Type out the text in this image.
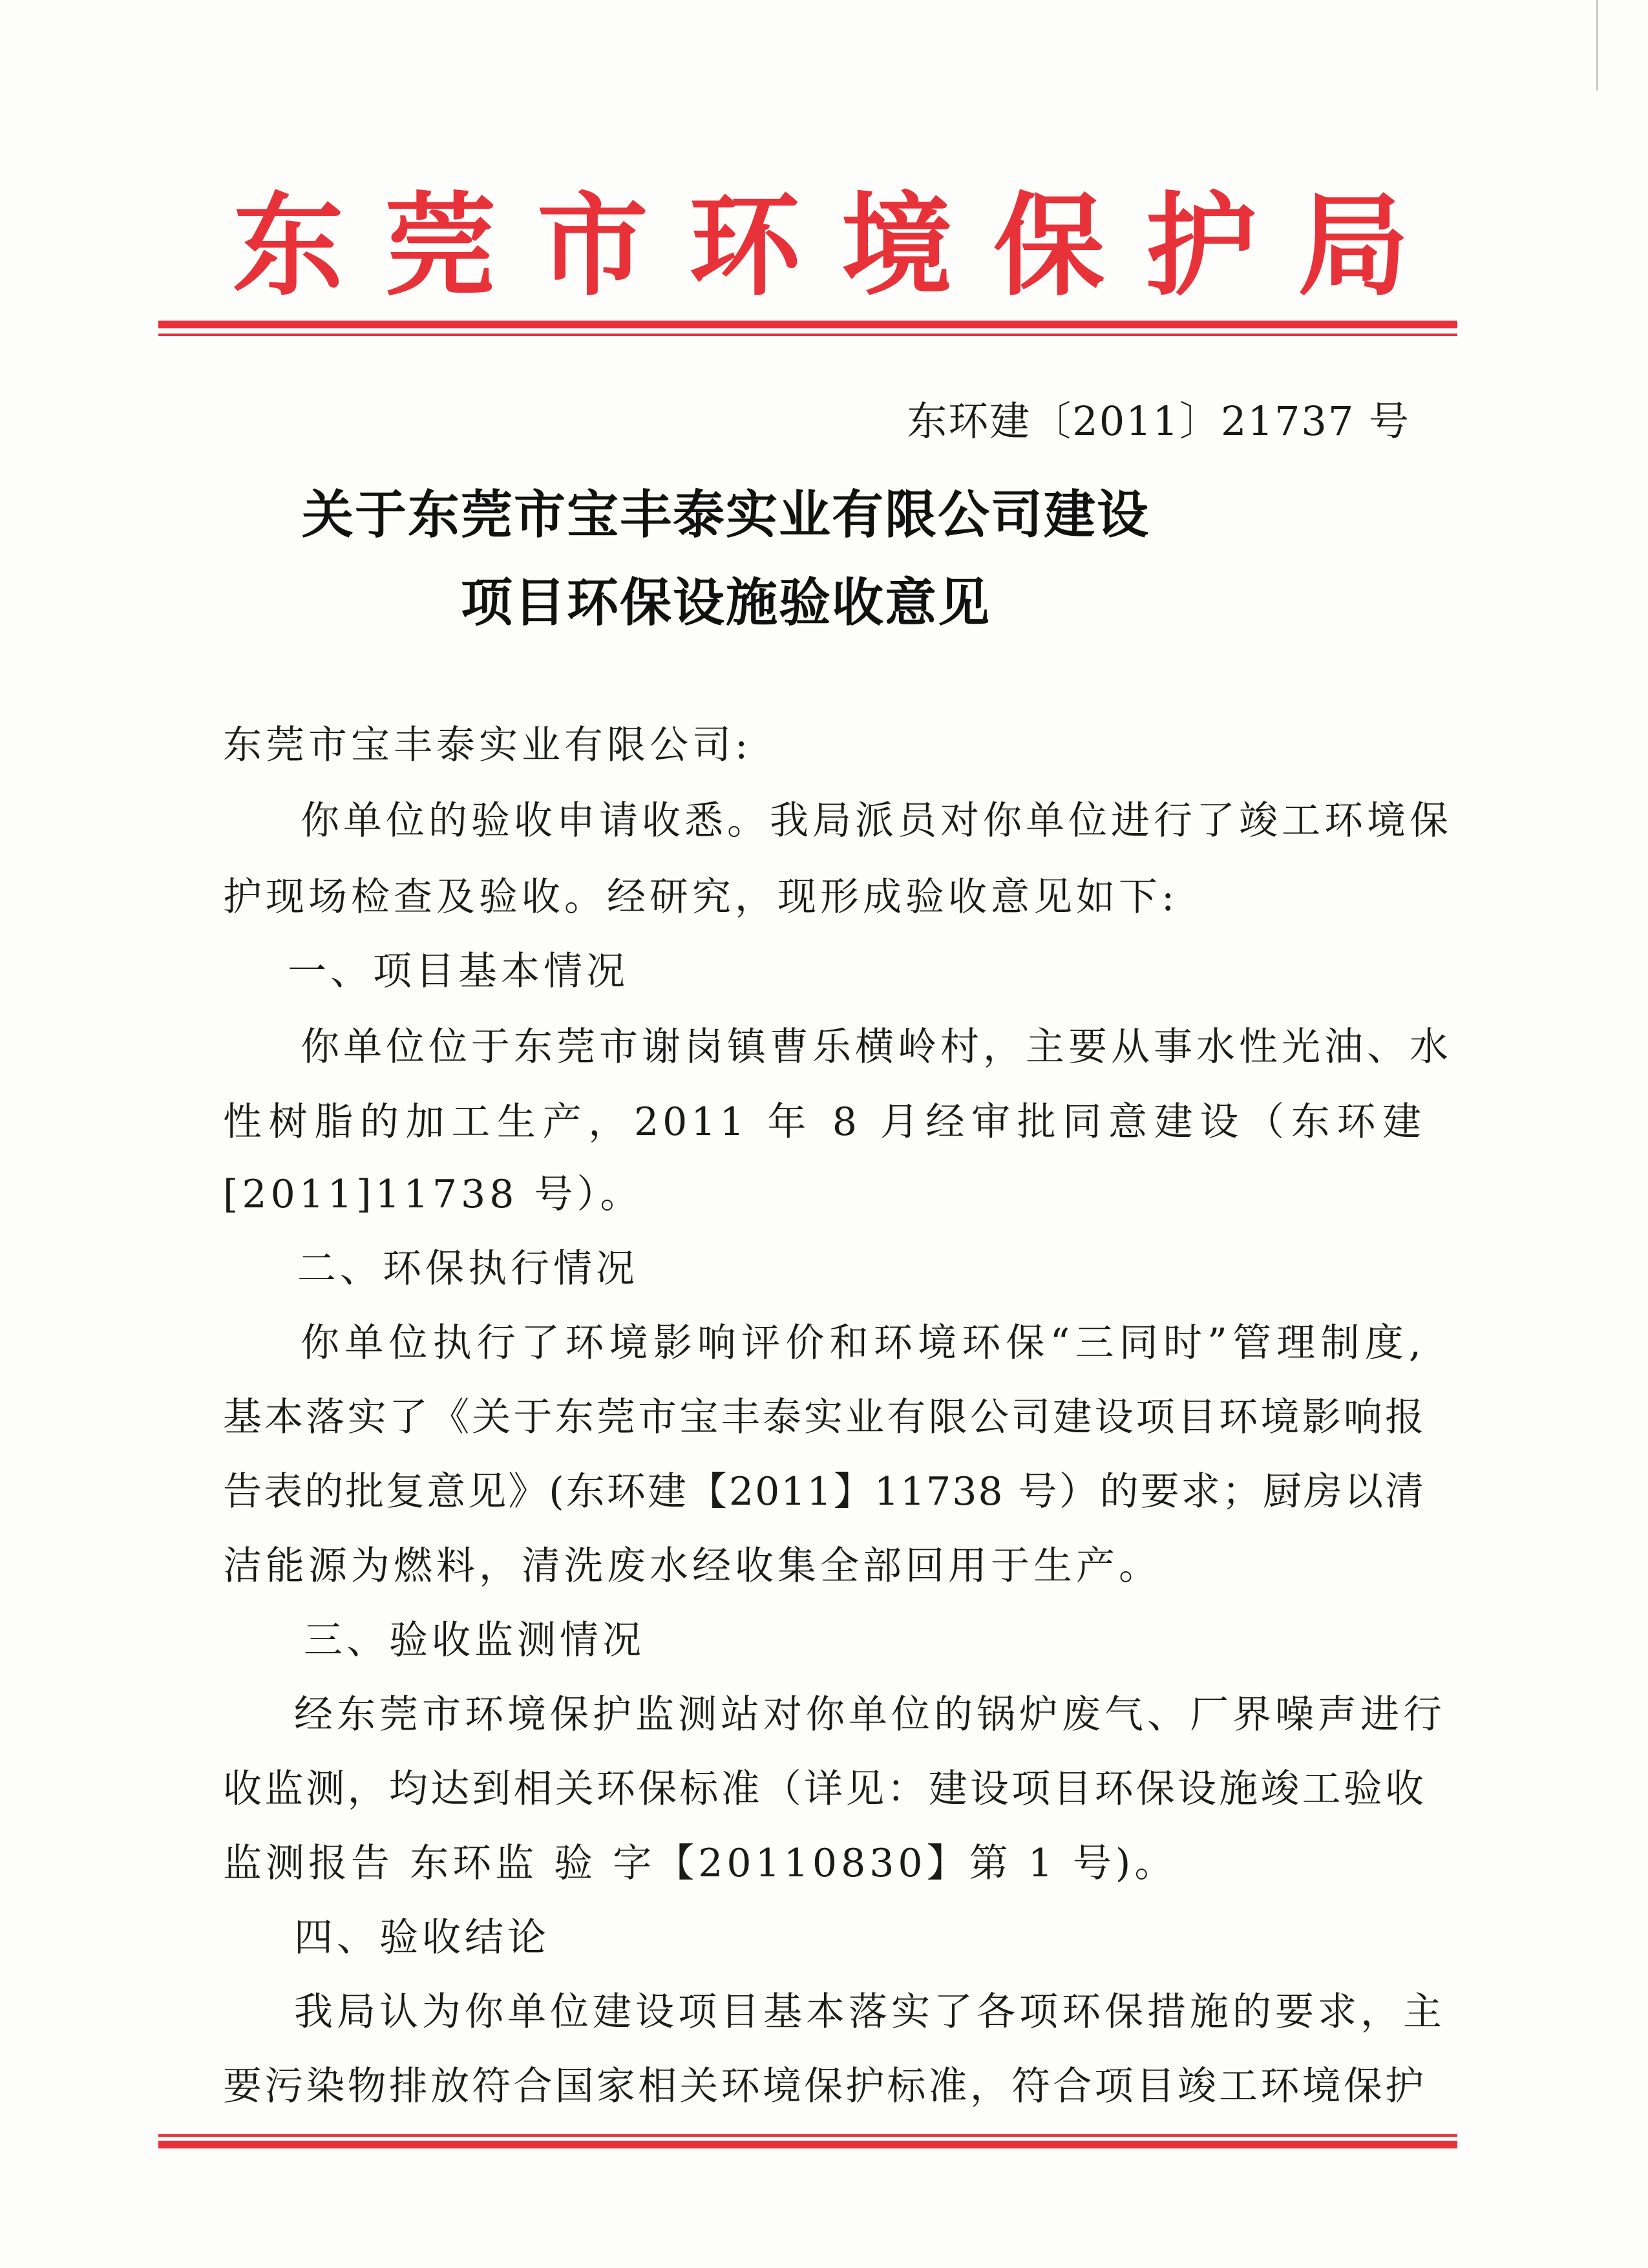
东 莞 市 环 境 保 护 局
东环建〔2011〕21737 号
关于东莞市宝丰泰实业有限公司建设
项目环保设施验收意见
东莞市宝丰泰实业有限公司:
你单位的验收申请收悉。我局派员对你单位进行了竣工环境保
护现场检查及验收。经研究，现形成验收意见如下:
一、项目基本情况
你单位位于东莞市谢岗镇曹乐横岭村，主要从事水性光油、水
性树脂的加工生产，2011 年 8 月经审批同意建设（东环建
[2011]11738 号）。
二、环保执行情况
你单位执行了环境影响评价和环境环保“三同时”管理制度,
基本落实了《关于东莞市宝丰泰实业有限公司建设项目环境影响报
告表的批复意见》(东环建【2011】11738 号）的要求；厨房以清
洁能源为燃料，清洗废水经收集全部回用于生产。
三、验收监测情况
经东莞市环境保护监测站对你单位的锅炉废气、厂界噪声进行
收监测，均达到相关环保标准（详见：建设项目环保设施竣工验收
监测报告 东环监 验 字【20110830】第 1 号)。
四、验收结论
我局认为你单位建设项目基本落实了各项环保措施的要求，主
要污染物排放符合国家相关环境保护标准，符合项目竣工环境保护
